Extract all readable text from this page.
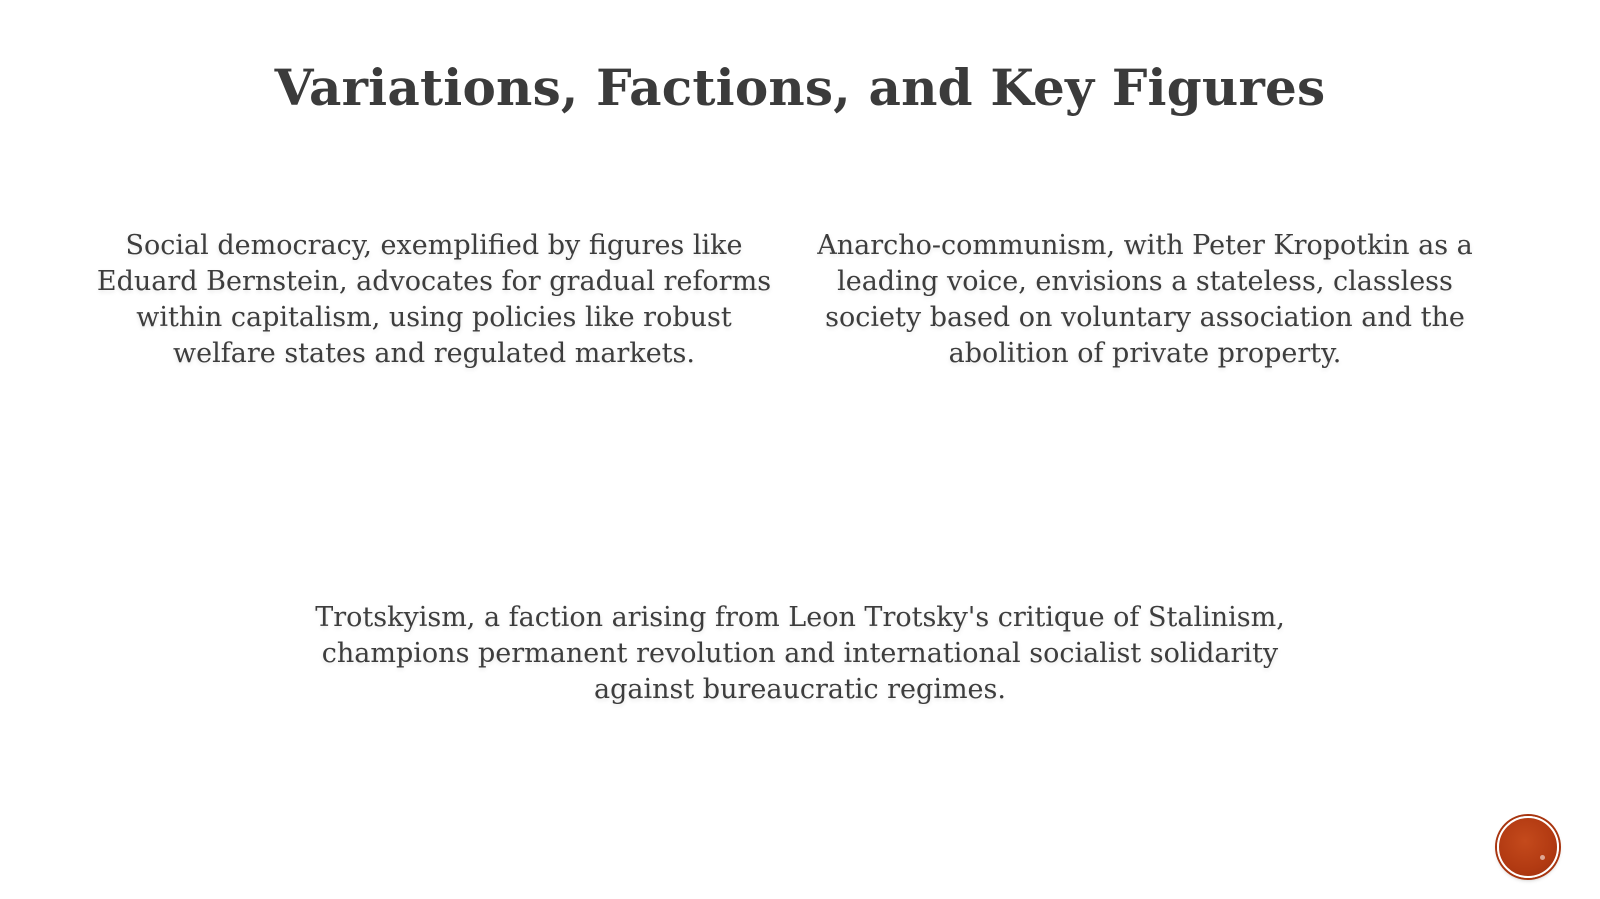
Variations, Factions, and Key Figures

Social democracy, exemplified by figures like Eduard Bernstein, advocates for gradual reforms within capitalism, using policies like robust welfare states and regulated markets.

Anarcho-communism, with Peter Kropotkin as a leading voice, envisions a stateless, classless society based on voluntary association and the abolition of private property.

Trotskyism, a faction arising from Leon Trotsky's critique of Stalinism, champions permanent revolution and international socialist solidarity against bureaucratic regimes.
